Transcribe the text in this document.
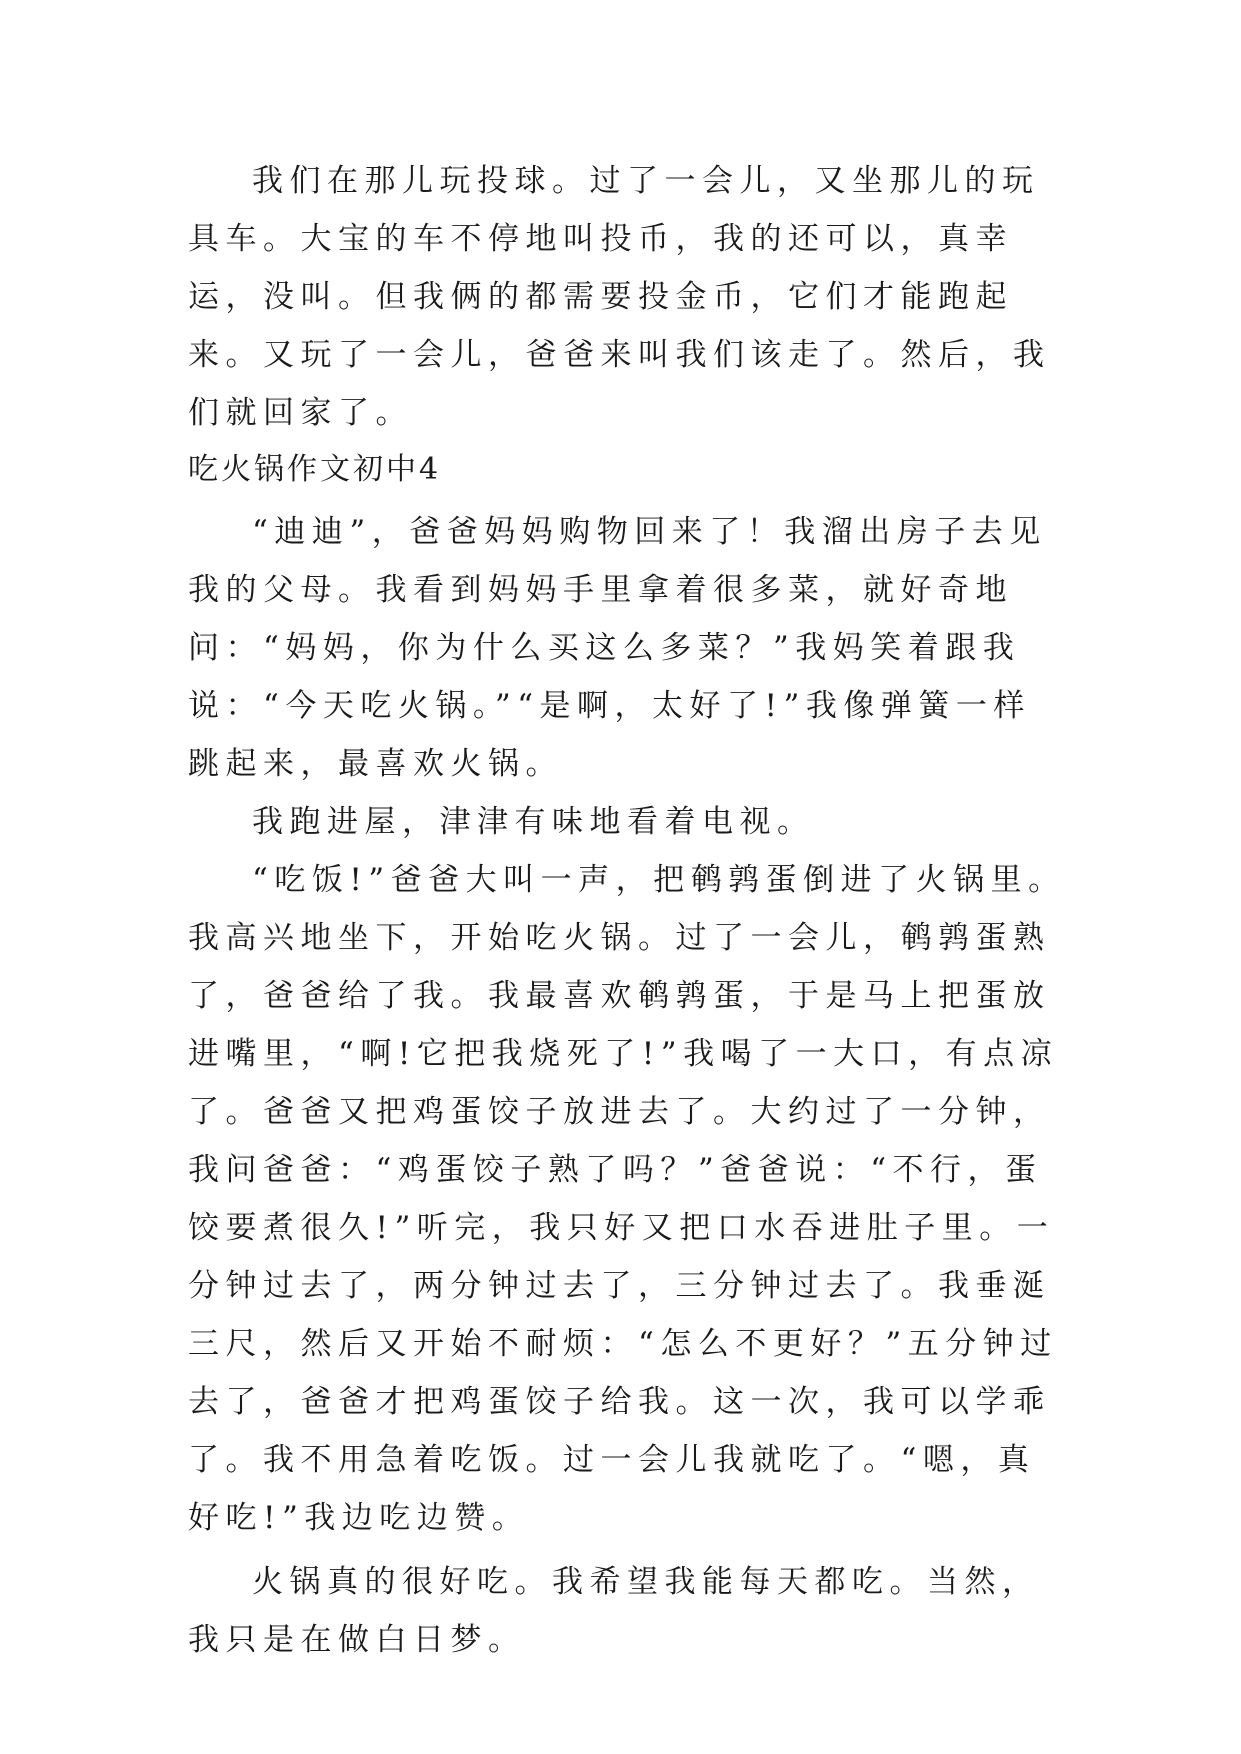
我们在那儿玩投球。过了一会儿，又坐那儿的玩具车。大宝的车不停地叫投币，我的还可以，真幸运，没叫。但我俩的都需要投金币，它们才能跑起来。又玩了一会儿，爸爸来叫我们该走了。然后，我们就回家了。

吃火锅作文初中4

“迪迪”，爸爸妈妈购物回来了！我溜出房子去见我的父母。我看到妈妈手里拿着很多菜，就好奇地问：“妈妈，你为什么买这么多菜？”我妈笑着跟我说：“今天吃火锅。”“是啊，太好了!”我像弹簧一样跳起来，最喜欢火锅。

我跑进屋，津津有味地看着电视。

“吃饭!”爸爸大叫一声，把鹌鹑蛋倒进了火锅里。我高兴地坐下，开始吃火锅。过了一会儿，鹌鹑蛋熟了，爸爸给了我。我最喜欢鹌鹑蛋，于是马上把蛋放进嘴里，“啊!它把我烧死了!”我喝了一大口，有点凉了。爸爸又把鸡蛋饺子放进去了。大约过了一分钟，我问爸爸：“鸡蛋饺子熟了吗？”爸爸说：“不行，蛋饺要煮很久!”听完，我只好又把口水吞进肚子里。一分钟过去了，两分钟过去了，三分钟过去了。我垂涎三尺，然后又开始不耐烦：“怎么不更好？”五分钟过去了，爸爸才把鸡蛋饺子给我。这一次，我可以学乖了。我不用急着吃饭。过一会儿我就吃了。“嗯，真好吃!”我边吃边赞。

火锅真的很好吃。我希望我能每天都吃。当然，我只是在做白日梦。
